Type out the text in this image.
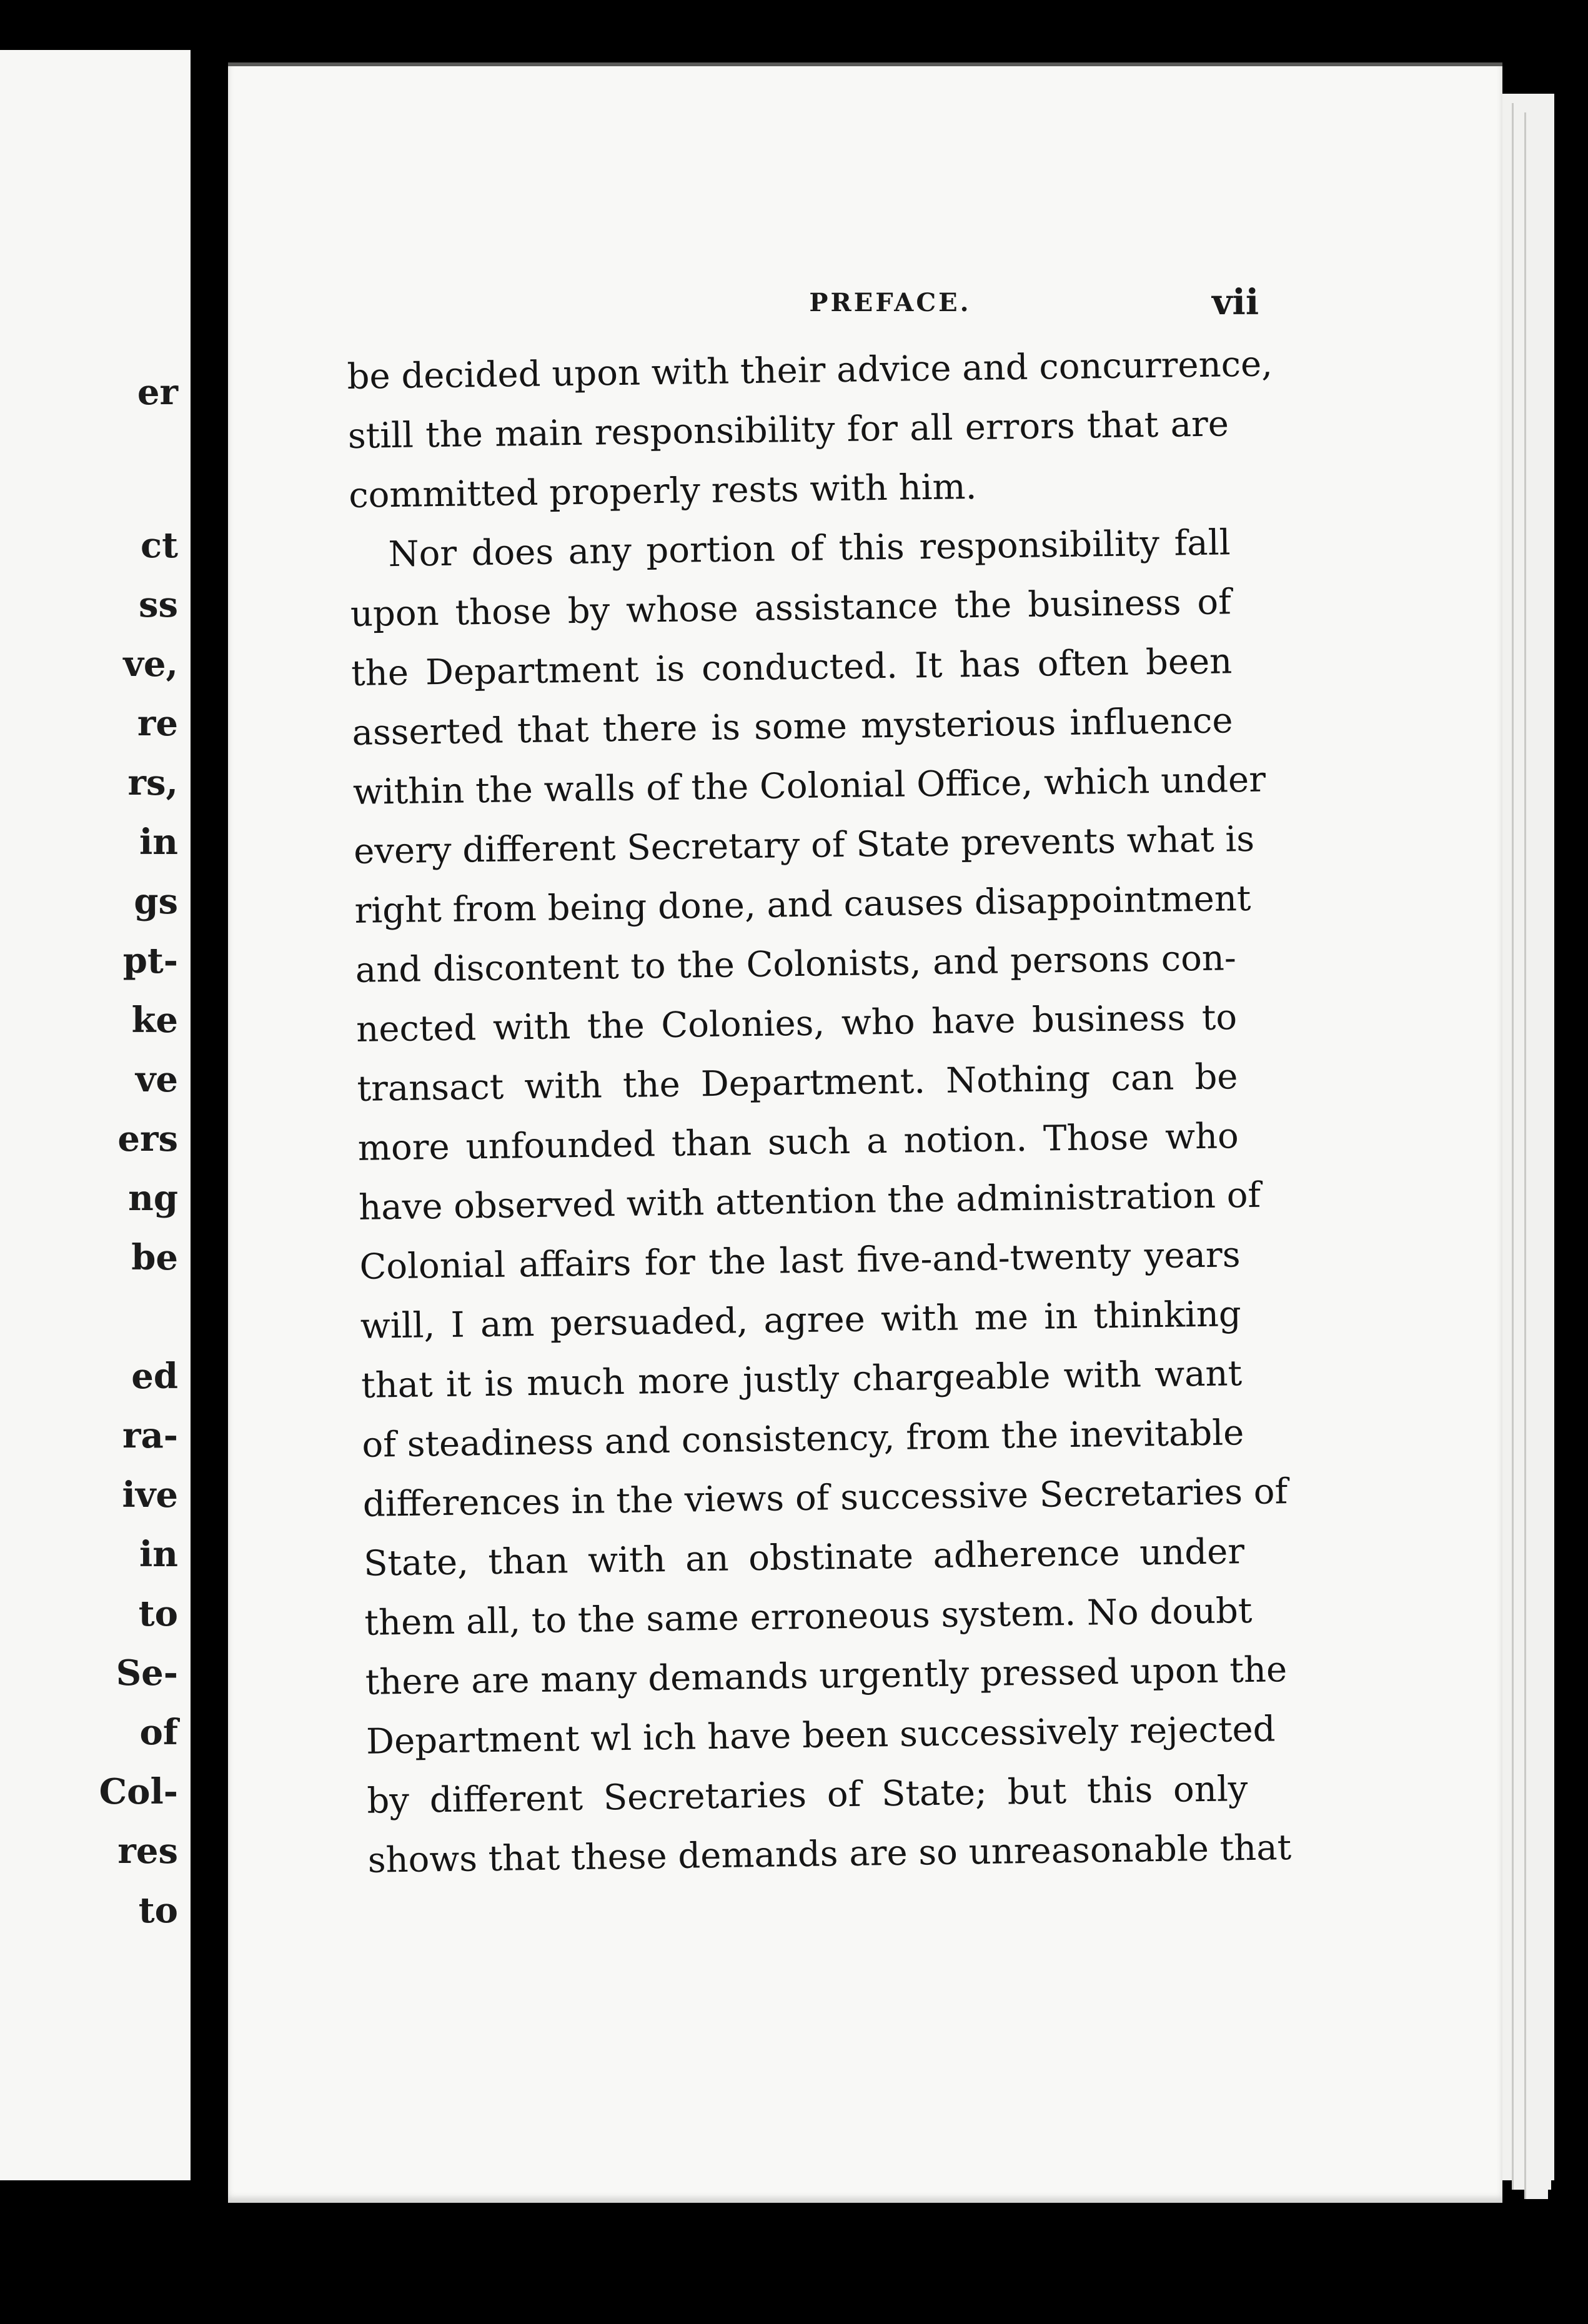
er
ct
ss
ve,
re
rs,
in
gs
pt-
ke
ve
ers
ng
be
ed
ra-
ive
in
to
Se-
of
Col-
res
to
PREFACE.	vii
be decided upon with their advice and concurrence,
still the main responsibility for all errors that are
committed properly rests with him.
Nor does any portion of this responsibility fall
upon those by whose assistance the business of
the Department is conducted. It has often been
asserted that there is some mysterious influence
within the walls of the Colonial Office, which under
every different Secretary of State prevents what is
right from being done, and causes disappointment
and discontent to the Colonists, and persons con-
nected with the Colonies, who have business to
transact with the Department. Nothing can be
more unfounded than such a notion. Those who
have observed with attention the administration of
Colonial affairs for the last five-and-twenty years
will, I am persuaded, agree with me in thinking
that it is much more justly chargeable with want
of steadiness and consistency, from the inevitable
differences in the views of successive Secretaries of
State, than with an obstinate adherence under
them all, to the same erroneous system. No doubt
there are many demands urgently pressed upon the
Department wl ich have been successively rejected
by different Secretaries of State; but this only
shows that these demands are so unreasonable that
